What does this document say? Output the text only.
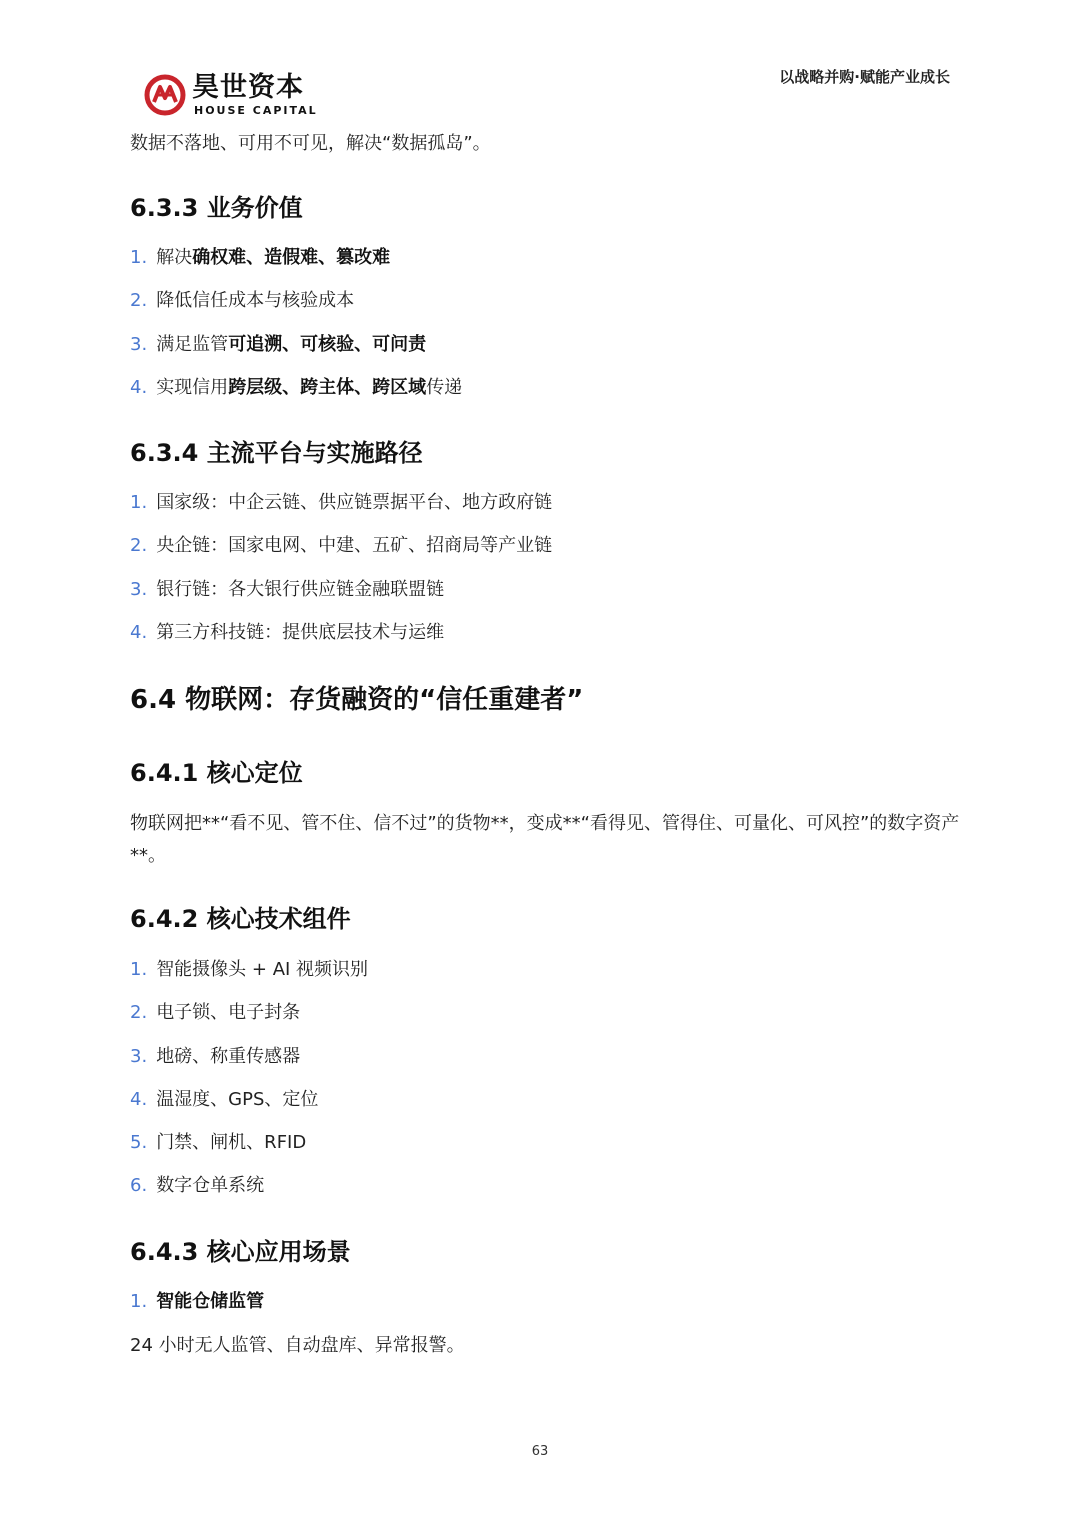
昊世资本
HOUSE CAPITAL
以战略并购·赋能产业成长

数据不落地、可用不可见，解决“数据孤岛”。

6.3.3 业务价值
1. 解决确权难、造假难、篡改难
2. 降低信任成本与核验成本
3. 满足监管可追溯、可核验、可问责
4. 实现信用跨层级、跨主体、跨区域传递
6.3.4 主流平台与实施路径
1. 国家级：中企云链、供应链票据平台、地方政府链
2. 央企链：国家电网、中建、五矿、招商局等产业链
3. 银行链：各大银行供应链金融联盟链
4. 第三方科技链：提供底层技术与运维
6.4 物联网：存货融资的“信任重建者”
6.4.1 核心定位

物联网把**“看不见、管不住、信不过”的货物**，变成**“看得见、管得住、可量化、可风控”的数字资产**。

6.4.2 核心技术组件
1. 智能摄像头 + AI 视频识别
2. 电子锁、电子封条
3. 地磅、称重传感器
4. 温湿度、GPS、定位
5. 门禁、闸机、RFID
6. 数字仓单系统
6.4.3 核心应用场景
1. 智能仓储监管

24 小时无人监管、自动盘库、异常报警。

63
